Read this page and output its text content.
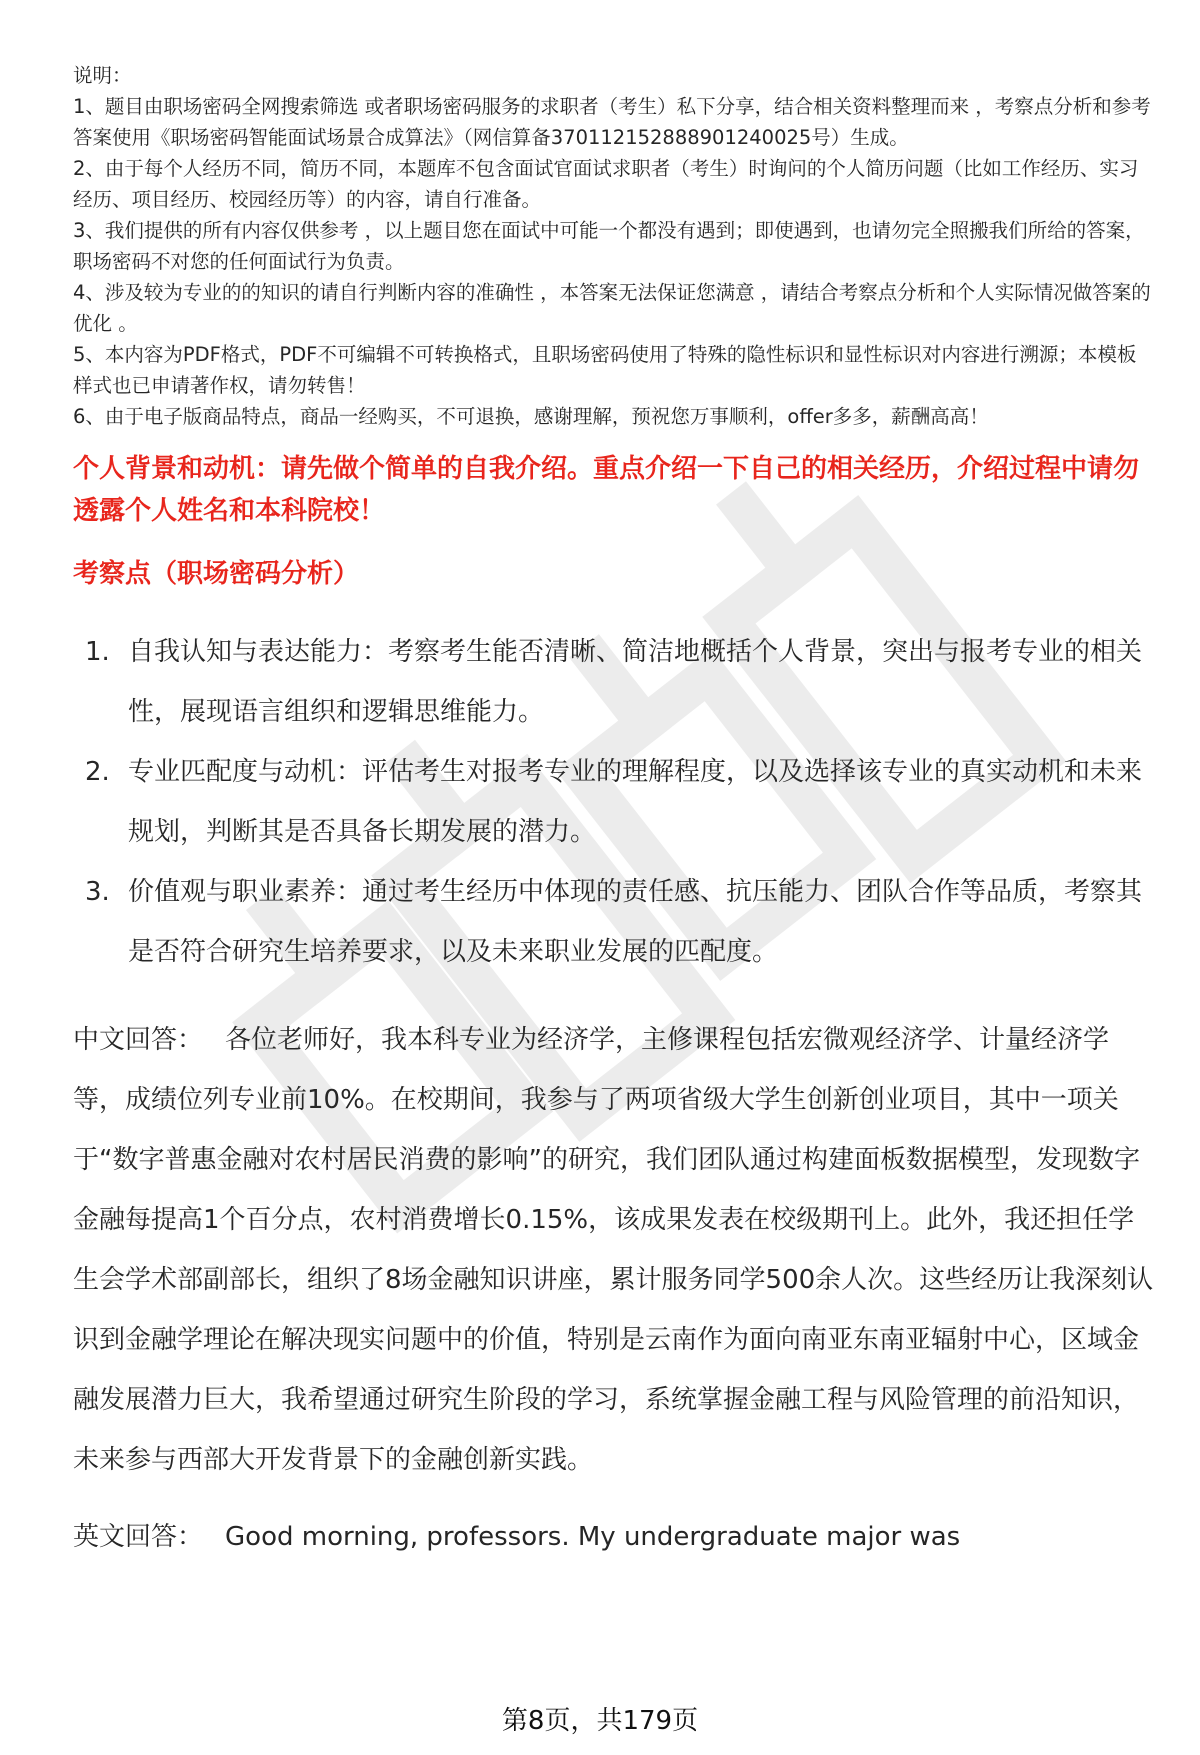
说明：

1、题目由职场密码全网搜索筛选 或者职场密码服务的求职者（考生）私下分享，结合相关资料整理而来 ，考察点分析和参考答案使用《职场密码智能面试场景合成算法》（网信算备370112152888901240025号）生成。

2、由于每个人经历不同，简历不同，本题库不包含面试官面试求职者（考生）时询问的个人简历问题（比如工作经历、实习经历、项目经历、校园经历等）的内容，请自行准备。

3、我们提供的所有内容仅供参考 ，以上题目您在面试中可能一个都没有遇到；即使遇到，也请勿完全照搬我们所给的答案，职场密码不对您的任何面试行为负责。

4、涉及较为专业的的知识的请自行判断内容的准确性 ，本答案无法保证您满意 ，请结合考察点分析和个人实际情况做答案的优化 。

5、本内容为PDF格式，PDF不可编辑不可转换格式，且职场密码使用了特殊的隐性标识和显性标识对内容进行溯源；本模板样式也已申请著作权，请勿转售！

6、由于电子版商品特点，商品一经购买，不可退换，感谢理解，预祝您万事顺利，offer多多，薪酬高高！

个人背景和动机：请先做个简单的自我介绍。重点介绍一下自己的相关经历，介绍过程中请勿透露个人姓名和本科院校！
考察点（职场密码分析）
1. 自我认知与表达能力：考察考生能否清晰、简洁地概括个人背景，突出与报考专业的相关性，展现语言组织和逻辑思维能力。
2. 专业匹配度与动机：评估考生对报考专业的理解程度，以及选择该专业的真实动机和未来规划，判断其是否具备长期发展的潜力。
3. 价值观与职业素养：通过考生经历中体现的责任感、抗压能力、团队合作等品质，考察其是否符合研究生培养要求，以及未来职业发展的匹配度。
中文回答： 各位老师好，我本科专业为经济学，主修课程包括宏微观经济学、计量经济学等，成绩位列专业前10%。在校期间，我参与了两项省级大学生创新创业项目，其中一项关于“数字普惠金融对农村居民消费的影响”的研究，我们团队通过构建面板数据模型，发现数字金融每提高1个百分点，农村消费增长0.15%，该成果发表在校级期刊上。此外，我还担任学生会学术部副部长，组织了8场金融知识讲座，累计服务同学500余人次。这些经历让我深刻认识到金融学理论在解决现实问题中的价值，特别是云南作为面向南亚东南亚辐射中心，区域金融发展潜力巨大，我希望通过研究生阶段的学习，系统掌握金融工程与风险管理的前沿知识，未来参与西部大开发背景下的金融创新实践。
英文回答： Good morning, professors. My undergraduate major was
第8页，共179页
